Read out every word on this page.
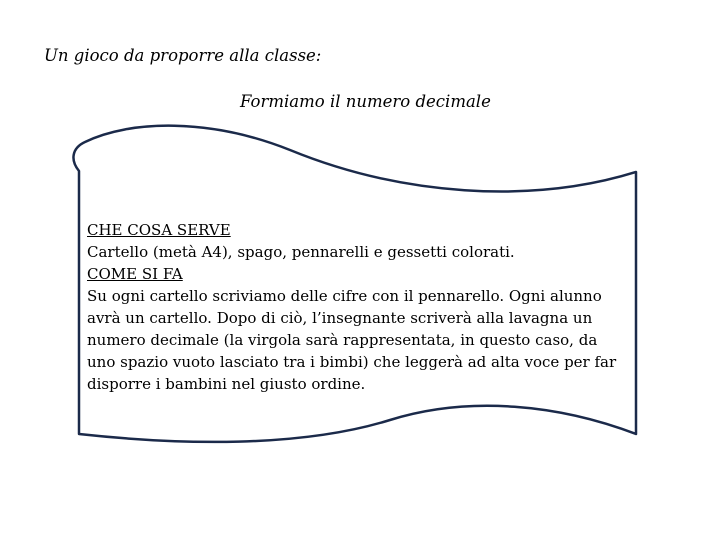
Un gioco da proporre alla classe:
Formiamo il numero decimale

CHE COSA SERVE

Cartello (metà A4), spago, pennarelli e gessetti colorati.

COME SI FA

Su ogni cartello scriviamo delle cifre con il pennarello. Ogni alunno avrà un cartello. Dopo di ciò, l’insegnante scriverà alla lavagna un numero decimale (la virgola sarà rappresentata, in questo caso, da uno spazio vuoto lasciato tra i bimbi) che leggerà ad alta voce per far disporre i bambini nel giusto ordine.
